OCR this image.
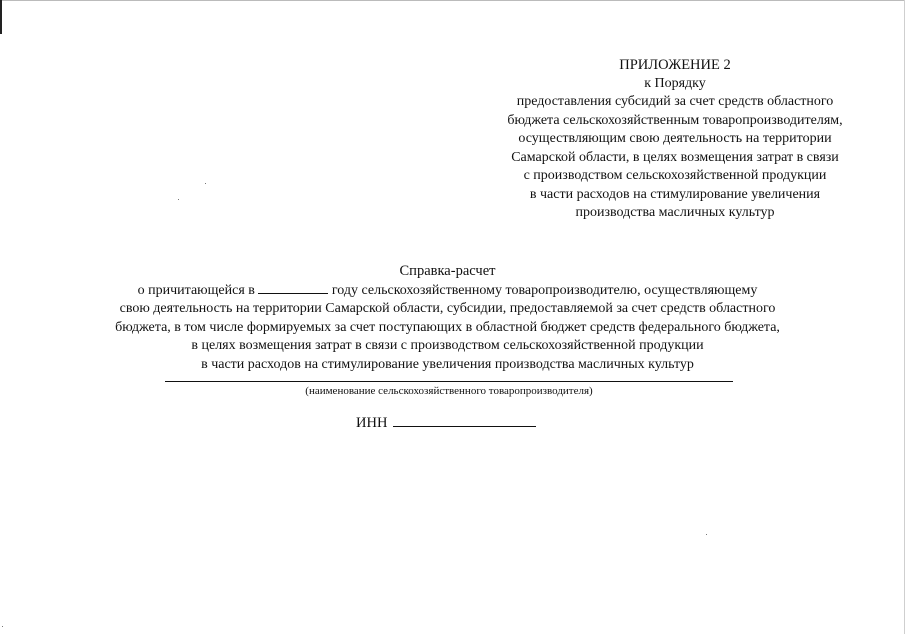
ПРИЛОЖЕНИЕ 2
к Порядку
предоставления субсидий за счет средств областного
бюджета сельскохозяйственным товаропроизводителям,
осуществляющим свою деятельность на территории
Самарской области, в целях возмещения затрат в связи
с производством сельскохозяйственной продукции
в части расходов на стимулирование увеличения
производства масличных культур
Справка-расчет
о причитающейся в	году сельскохозяйственному товаропроизводителю, осуществляющему
свою деятельность на территории Самарской области, субсидии, предоставляемой за счет средств областного
бюджета, в том числе формируемых за счет поступающих в областной бюджет средств федерального бюджета,
в целях возмещения затрат в связи с производством сельскохозяйственной продукции
в части расходов на стимулирование увеличения производства масличных культур
(наименование сельскохозяйственного товаропроизводителя)
ИНН
